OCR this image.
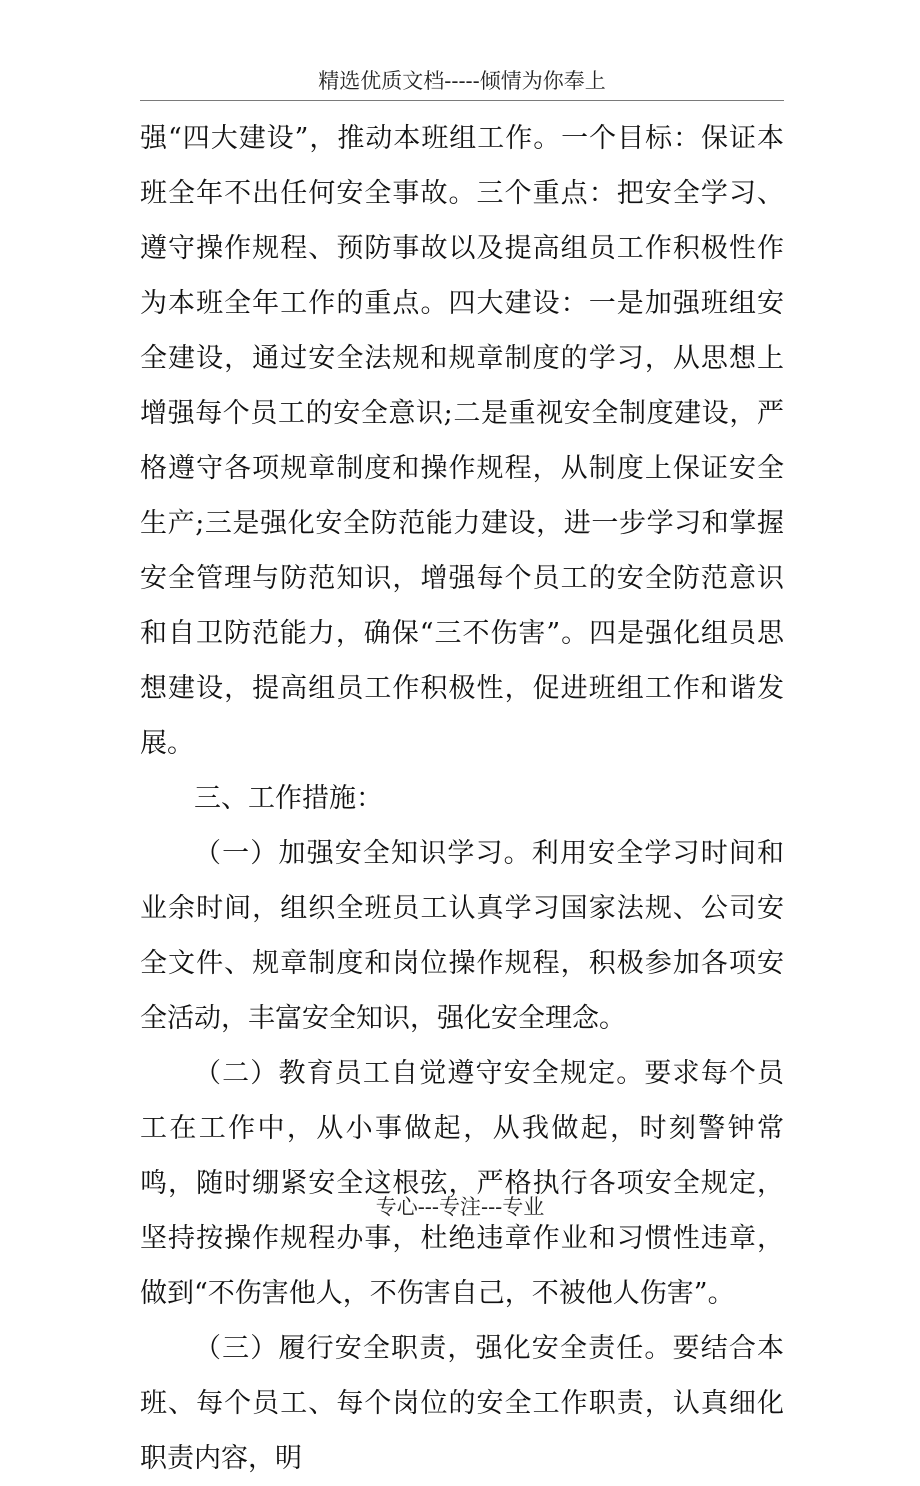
精选优质文档-----倾情为你奉上

强“四大建设”，推动本班组工作。一个目标：保证本班全年不出任何安全事故。三个重点：把安全学习、遵守操作规程、预防事故以及提高组员工作积极性作为本班全年工作的重点。四大建设：一是加强班组安全建设，通过安全法规和规章制度的学习，从思想上增强每个员工的安全意识;二是重视安全制度建设，严格遵守各项规章制度和操作规程，从制度上保证安全生产;三是强化安全防范能力建设，进一步学习和掌握安全管理与防范知识，增强每个员工的安全防范意识和自卫防范能力，确保“三不伤害”。四是强化组员思想建设，提高组员工作积极性，促进班组工作和谐发展。

三、工作措施：

（一）加强安全知识学习。利用安全学习时间和业余时间，组织全班员工认真学习国家法规、公司安全文件、规章制度和岗位操作规程，积极参加各项安全活动，丰富安全知识，强化安全理念。

（二）教育员工自觉遵守安全规定。要求每个员工在工作中，从小事做起，从我做起，时刻警钟常鸣，随时绷紧安全这根弦，严格执行各项安全规定，坚持按操作规程办事，杜绝违章作业和习惯性违章，做到“不伤害他人，不伤害自己，不被他人伤害”。

（三）履行安全职责，强化安全责任。要结合本班、每个员工、每个岗位的安全工作职责，认真细化职责内容，明

专心---专注---专业
